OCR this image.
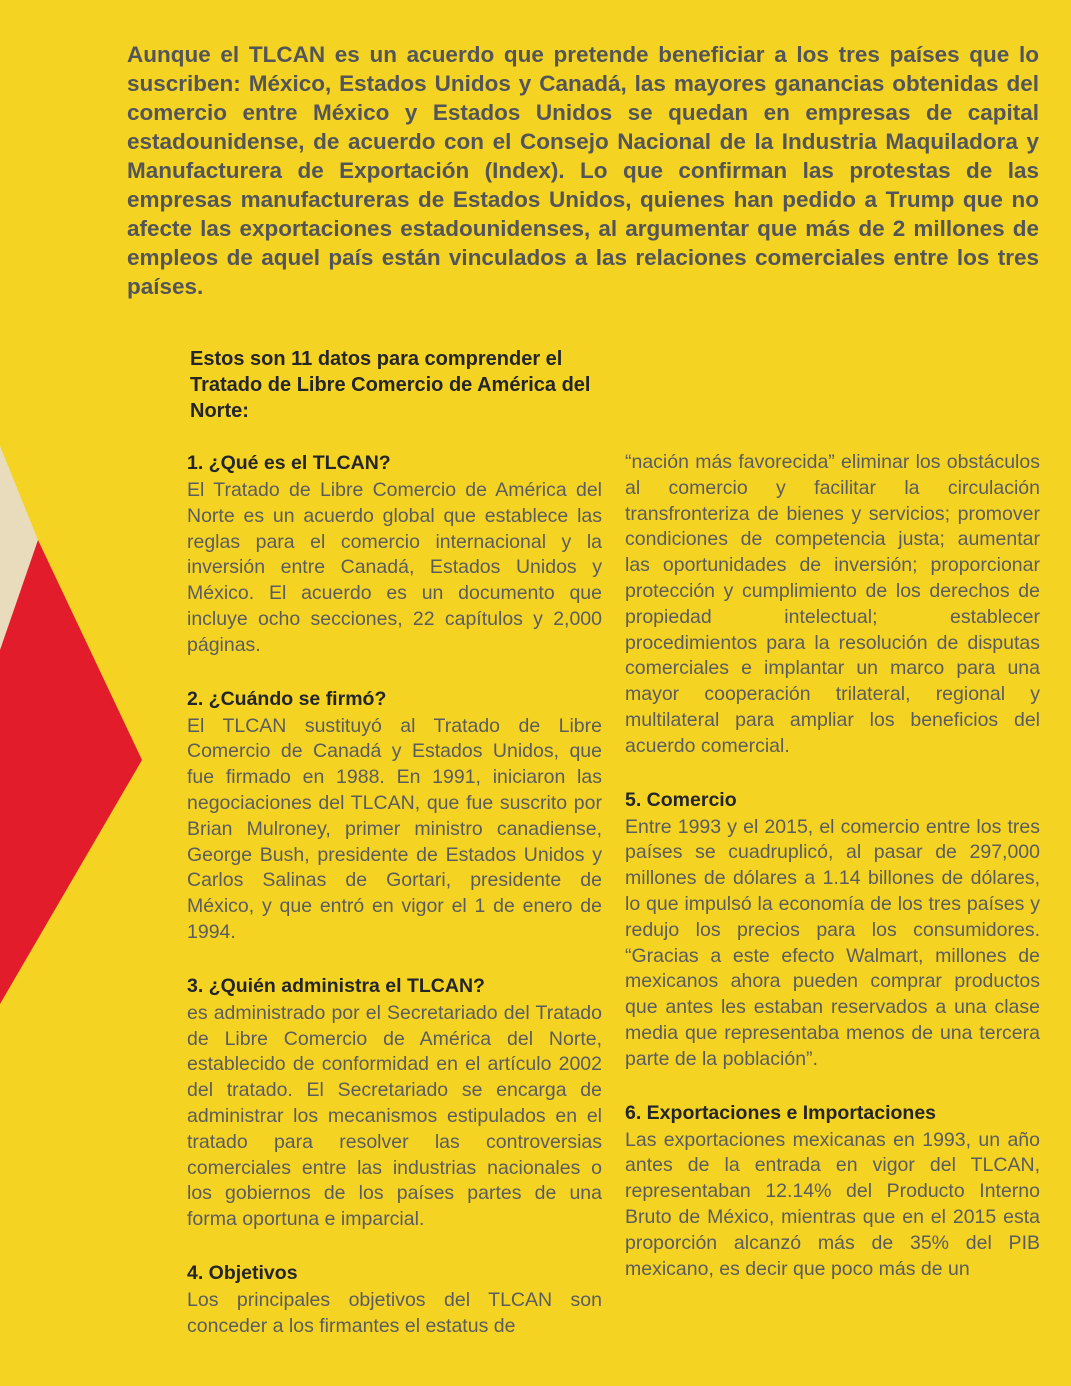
Aunque el TLCAN es un acuerdo que pretende beneficiar a los tres países que lo suscriben: México, Estados Unidos y Canadá, las mayores ganancias obtenidas del comercio entre México y Estados Unidos se quedan en empresas de capital estadounidense, de acuerdo con el Consejo Nacional de la Industria Maquiladora y Manufacturera de Exportación (Index). Lo que confirman las protestas de las empresas manufactureras de Estados Unidos, quienes han pedido a Trump que no afecte las exportaciones estadounidenses, al argumentar que más de 2 millones de empleos de aquel país están vinculados a las relaciones comerciales entre los tres países.

Estos son 11 datos para comprender el Tratado de Libre Comercio de América del Norte:
1. ¿Qué es el TLCAN?

El Tratado de Libre Comercio de América del Norte es un acuerdo global que establece las reglas para el comercio internacional y la inversión entre Canadá, Estados Unidos y México. El acuerdo es un documento que incluye ocho secciones, 22 capítulos y 2,000 páginas.

2. ¿Cuándo se firmó?

El TLCAN sustituyó al Tratado de Libre Comercio de Canadá y Estados Unidos, que fue firmado en 1988. En 1991, iniciaron las negociaciones del TLCAN, que fue suscrito por Brian Mulroney, primer ministro canadiense, George Bush, presidente de Estados Unidos y Carlos Salinas de Gortari, presidente de México, y que entró en vigor el 1 de enero de 1994.

3. ¿Quién administra el TLCAN?

es administrado por el Secretariado del Tratado de Libre Comercio de América del Norte, establecido de conformidad en el artículo 2002 del tratado. El Secretariado se encarga de administrar los mecanismos estipulados en el tratado para resolver las controversias comerciales entre las industrias nacionales o los gobiernos de los países partes de una forma oportuna e imparcial.

4. Objetivos

Los principales objetivos del TLCAN son conceder a los firmantes el estatus de

“nación más favorecida” eliminar los obstáculos al comercio y facilitar la circulación transfronteriza de bienes y servicios; promover condiciones de competencia justa; aumentar las oportunidades de inversión; proporcionar protección y cumplimiento de los derechos de propiedad intelectual; establecer procedimientos para la resolución de disputas comerciales e implantar un marco para una mayor cooperación trilateral, regional y multilateral para ampliar los beneficios del acuerdo comercial.

5. Comercio

Entre 1993 y el 2015, el comercio entre los tres países se cuadruplicó, al pasar de 297,000 millones de dólares a 1.14 billones de dólares, lo que impulsó la economía de los tres países y redujo los precios para los consumidores. “Gracias a este efecto Walmart, millones de mexicanos ahora pueden comprar productos que antes les estaban reservados a una clase media que representaba menos de una tercera parte de la población”.

6. Exportaciones e Importaciones

Las exportaciones mexicanas en 1993, un año antes de la entrada en vigor del TLCAN, representaban 12.14% del Producto Interno Bruto de México, mientras que en el 2015 esta proporción alcanzó más de 35% del PIB mexicano, es decir que poco más de un
